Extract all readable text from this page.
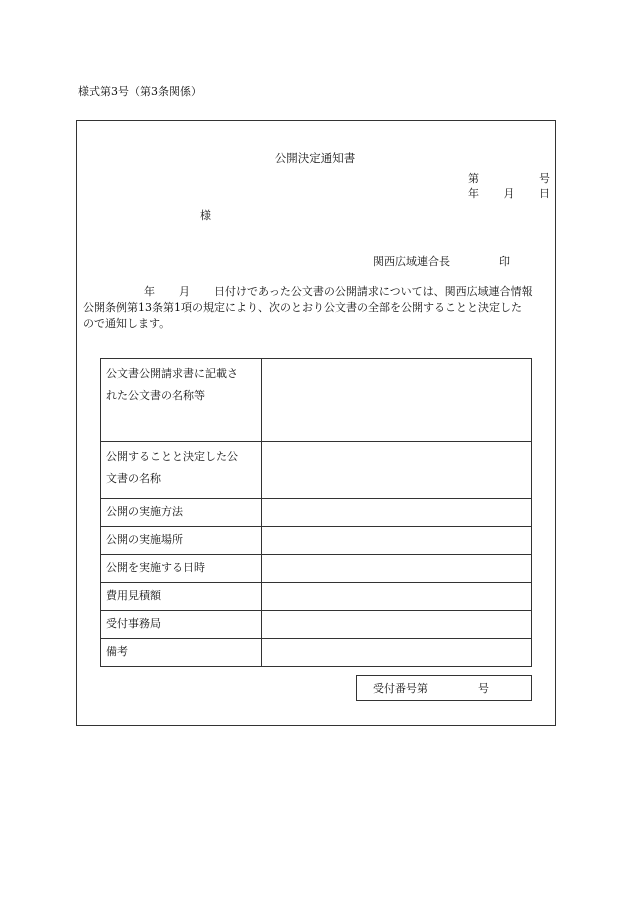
様式第3号（第3条関係）
公開決定通知書
第	号
年 月 日
様
関西広域連合長	印
年 月 日付けであった公文書の公開請求については、関西広域連合情報
公開条例第13条第1項の規定により、次のとおり公文書の全部を公開することと決定した
ので通知します。
公文書公開請求書に記載さ
れた公文書の名称等	

公開することと決定した公
文書の名称	

公開の実施方法	
公開の実施場所	
公開を実施する日時	
費用見積額	
受付事務局	
備考	
受付番号第	号
